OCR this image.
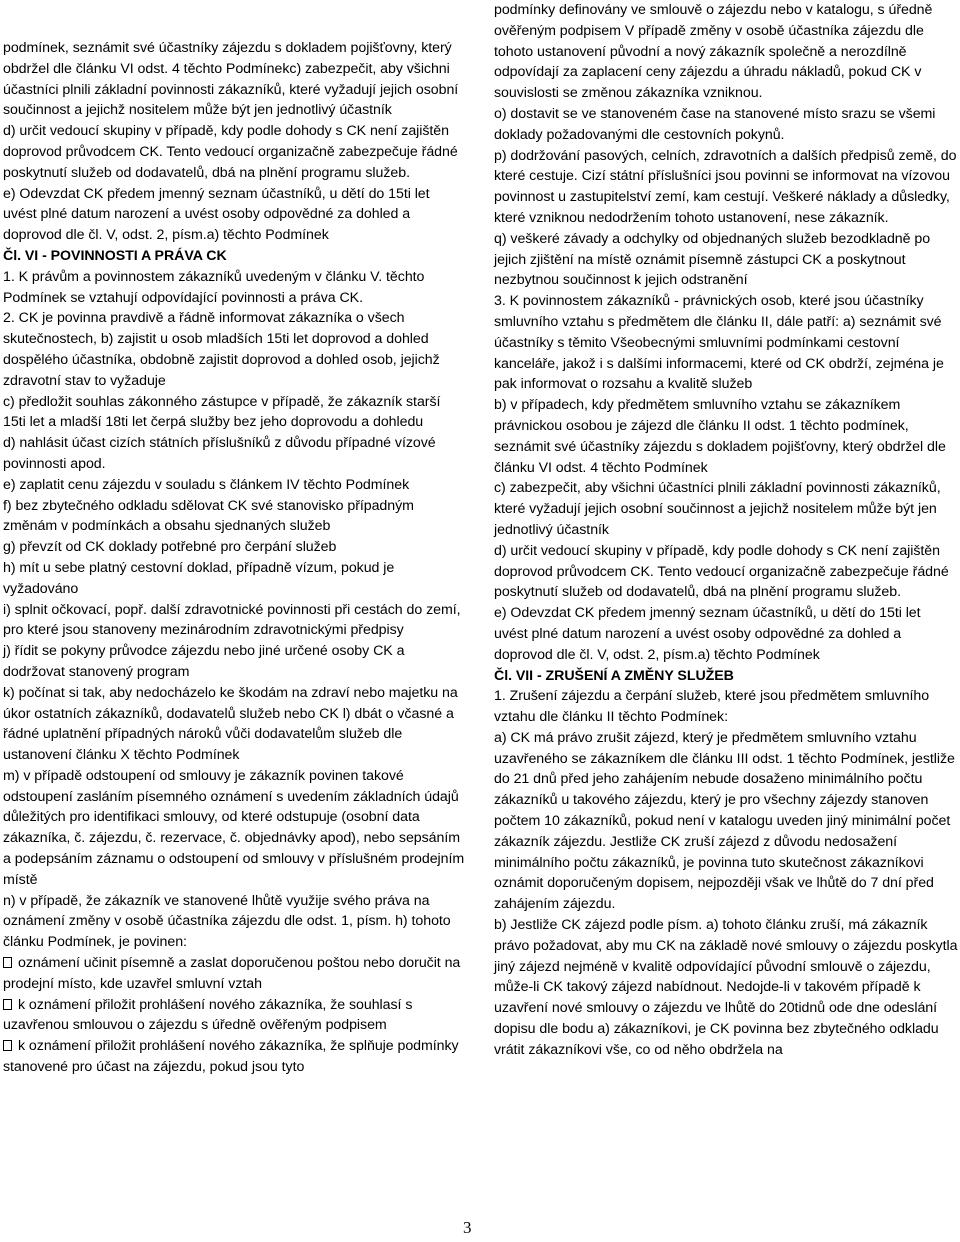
podmínek, seznámit své účastníky zájezdu s dokladem pojišťovny, který obdržel dle článku VI odst. 4 těchto Podmínekc) zabezpečit, aby všichni účastníci plnili základní povinnosti zákazníků, které vyžadují jejich osobní součinnost a jejichž nositelem může být jen jednotlivý účastník

d) určit vedoucí skupiny v případě, kdy podle dohody s CK není zajištěn doprovod průvodcem CK. Tento vedoucí organizačně zabezpečuje řádné poskytnutí služeb od dodavatelů, dbá na plnění programu služeb.

e) Odevzdat CK předem jmenný seznam účastníků, u dětí do 15ti let uvést plné datum narození a uvést osoby odpovědné za dohled a doprovod dle čl. V, odst. 2, písm.a) těchto Podmínek

Čl. VI - POVINNOSTI A PRÁVA CK

1. K právům a povinnostem zákazníků uvedeným v článku V. těchto Podmínek se vztahují odpovídající povinnosti a práva CK.

2. CK je povinna pravdivě a řádně informovat zákazníka o všech skutečnostech, b) zajistit u osob mladších 15ti let doprovod a dohled dospělého účastníka, obdobně zajistit doprovod a dohled osob, jejichž zdravotní stav to vyžaduje

c) předložit souhlas zákonného zástupce v případě, že zákazník starší 15ti let a mladší 18ti let čerpá služby bez jeho doprovodu a dohledu

d) nahlásit účast cizích státních příslušníků z důvodu případné vízové povinnosti apod.

e) zaplatit cenu zájezdu v souladu s článkem IV těchto Podmínek

f) bez zbytečného odkladu sdělovat CK své stanovisko případným změnám v podmínkách a obsahu sjednaných služeb

g) převzít od CK doklady potřebné pro čerpání služeb

h) mít u sebe platný cestovní doklad, případně vízum, pokud je vyžadováno

i) splnit očkovací, popř. další zdravotnické povinnosti při cestách do zemí, pro které jsou stanoveny mezinárodním zdravotnickými předpisy

j) řídit se pokyny průvodce zájezdu nebo jiné určené osoby CK a dodržovat stanovený program

k) počínat si tak, aby nedocházelo ke škodám na zdraví nebo majetku na úkor ostatních zákazníků, dodavatelů služeb nebo CK l) dbát o včasné a řádné uplatnění případných nároků vůči dodavatelům služeb dle ustanovení článku X těchto Podmínek

m) v případě odstoupení od smlouvy je zákazník povinen takové odstoupení zasláním písemného oznámení s uvedením základních údajů důležitých pro identifikaci smlouvy, od které odstupuje (osobní data zákazníka, č. zájezdu, č. rezervace, č. objednávky apod), nebo sepsáním a podepsáním záznamu o odstoupení od smlouvy v příslušném prodejním místě

n) v případě, že zákazník ve stanovené lhůtě využije svého práva na oznámení změny v osobě účastníka zájezdu dle odst. 1, písm. h) tohoto článku Podmínek, je povinen:

oznámení učinit písemně a zaslat doporučenou poštou nebo doručit na prodejní místo, kde uzavřel smluvní vztah

k oznámení přiložit prohlášení nového zákazníka, že souhlasí s uzavřenou smlouvou o zájezdu s úředně ověřeným podpisem

k oznámení přiložit prohlášení nového zákazníka, že splňuje podmínky stanovené pro účast na zájezdu, pokud jsou tyto

podmínky definovány ve smlouvě o zájezdu nebo v katalogu, s úředně ověřeným podpisem V případě změny v osobě účastníka zájezdu dle tohoto ustanovení původní a nový zákazník společně a nerozdílně odpovídají za zaplacení ceny zájezdu a úhradu nákladů, pokud CK v souvislosti se změnou zákazníka vzniknou.

o) dostavit se ve stanoveném čase na stanovené místo srazu se všemi doklady požadovanými dle cestovních pokynů.

p) dodržování pasových, celních, zdravotních a dalších předpisů země, do které cestuje. Cizí státní příslušníci jsou povinni se informovat na vízovou povinnost u zastupitelství zemí, kam cestují. Veškeré náklady a důsledky, které vzniknou nedodržením tohoto ustanovení, nese zákazník.

q) veškeré závady a odchylky od objednaných služeb bezodkladně po jejich zjištění na místě oznámit písemně zástupci CK a poskytnout nezbytnou součinnost k jejich odstranění

3. K povinnostem zákazníků - právnických osob, které jsou účastníky smluvního vztahu s předmětem dle článku II, dále patří: a) seznámit své účastníky s těmito Všeobecnými smluvními podmínkami cestovní kanceláře, jakož i s dalšími informacemi, které od CK obdrží, zejména je pak informovat o rozsahu a kvalitě služeb

b) v případech, kdy předmětem smluvního vztahu se zákazníkem právnickou osobou je zájezd dle článku II odst. 1 těchto podmínek, seznámit své účastníky zájezdu s dokladem pojišťovny, který obdržel dle článku VI odst. 4 těchto Podmínek

c) zabezpečit, aby všichni účastníci plnili základní povinnosti zákazníků, které vyžadují jejich osobní součinnost a jejichž nositelem může být jen jednotlivý účastník

d) určit vedoucí skupiny v případě, kdy podle dohody s CK není zajištěn doprovod průvodcem CK. Tento vedoucí organizačně zabezpečuje řádné poskytnutí služeb od dodavatelů, dbá na plnění programu služeb.

e) Odevzdat CK předem jmenný seznam účastníků, u dětí do 15ti let uvést plné datum narození a uvést osoby odpovědné za dohled a doprovod dle čl. V, odst. 2, písm.a) těchto Podmínek

Čl. VII - ZRUŠENÍ A ZMĚNY SLUŽEB

1. Zrušení zájezdu a čerpání služeb, které jsou předmětem smluvního vztahu dle článku II těchto Podmínek:

a) CK má právo zrušit zájezd, který je předmětem smluvního vztahu uzavřeného se zákazníkem dle článku III odst. 1 těchto Podmínek, jestliže do 21 dnů před jeho zahájením nebude dosaženo minimálního počtu zákazníků u takového zájezdu, který je pro všechny zájezdy stanoven počtem 10 zákazníků, pokud není v katalogu uveden jiný minimální počet zákazník zájezdu. Jestliže CK zruší zájezd z důvodu nedosažení minimálního počtu zákazníků, je povinna tuto skutečnost zákazníkovi oznámit doporučeným dopisem, nejpozději však ve lhůtě do 7 dní před zahájením zájezdu.

b) Jestliže CK zájezd podle písm. a) tohoto článku zruší, má zákazník právo požadovat, aby mu CK na základě nové smlouvy o zájezdu poskytla jiný zájezd nejméně v kvalitě odpovídající původní smlouvě o zájezdu, může-li CK takový zájezd nabídnout. Nedojde-li v takovém případě k uzavření nové smlouvy o zájezdu ve lhůtě do 20tidnů ode dne odeslání dopisu dle bodu a) zákazníkovi, je CK povinna bez zbytečného odkladu vrátit zákazníkovi vše, co od něho obdržela na

3
